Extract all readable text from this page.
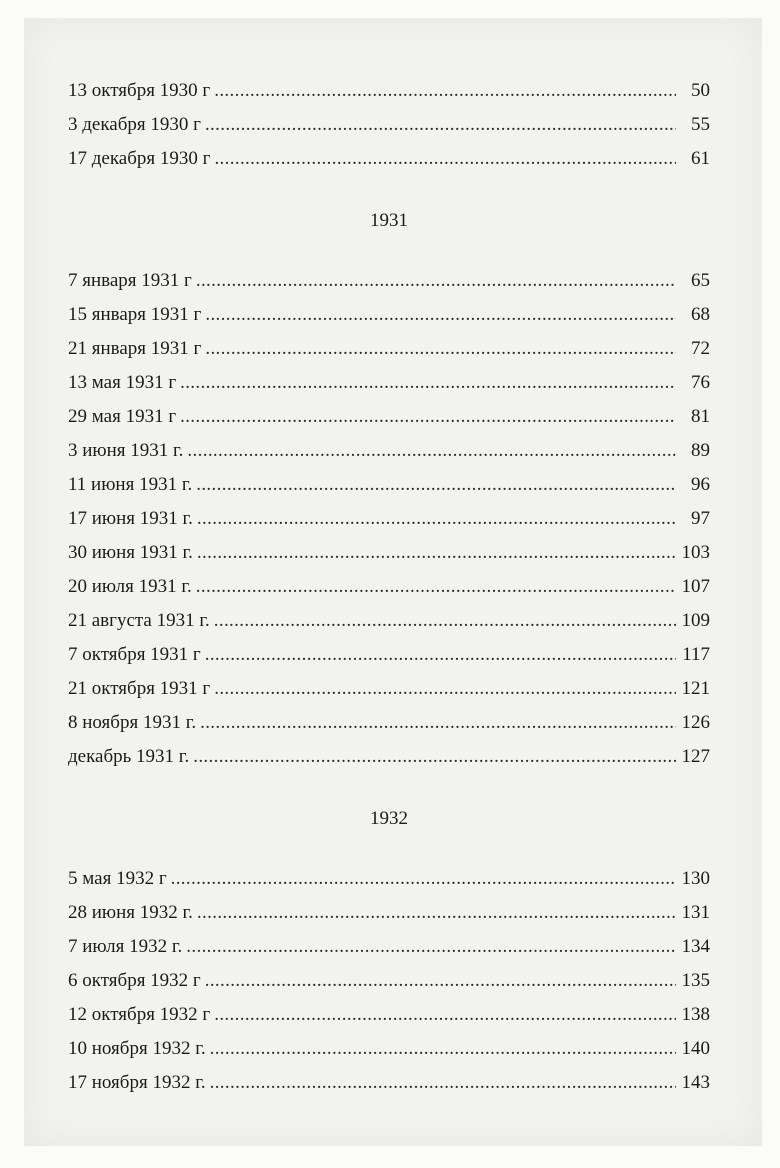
13 октября 1930 г . . .	50
3 декабря 1930 г . . .	55
17 декабря 1930 г . . .	61
1931
7 января 1931 г . . .	65
15 января 1931 г . . .	68
21 января 1931 г . . .	72
13 мая 1931 г . . .	76
29 мая 1931 г . . .	81
3 июня 1931 г. . . .	89
11 июня 1931 г. . . .	96
17 июня 1931 г. . . .	97
30 июня 1931 г. . . .	103
20 июля 1931 г. . . .	107
21 августа 1931 г. . . .	109
7 октября 1931 г . . .	117
21 октября 1931 г . . .	121
8 ноября 1931 г. . . .	126
декабрь 1931 г. . . .	127
1932
5 мая 1932 г . . .	130
28 июня 1932 г. . . .	131
7 июля 1932 г. . . .	134
6 октября 1932 г . . .	135
12 октября 1932 г . . .	138
10 ноября 1932 г. . . .	140
17 ноября 1932 г. . . .	143
